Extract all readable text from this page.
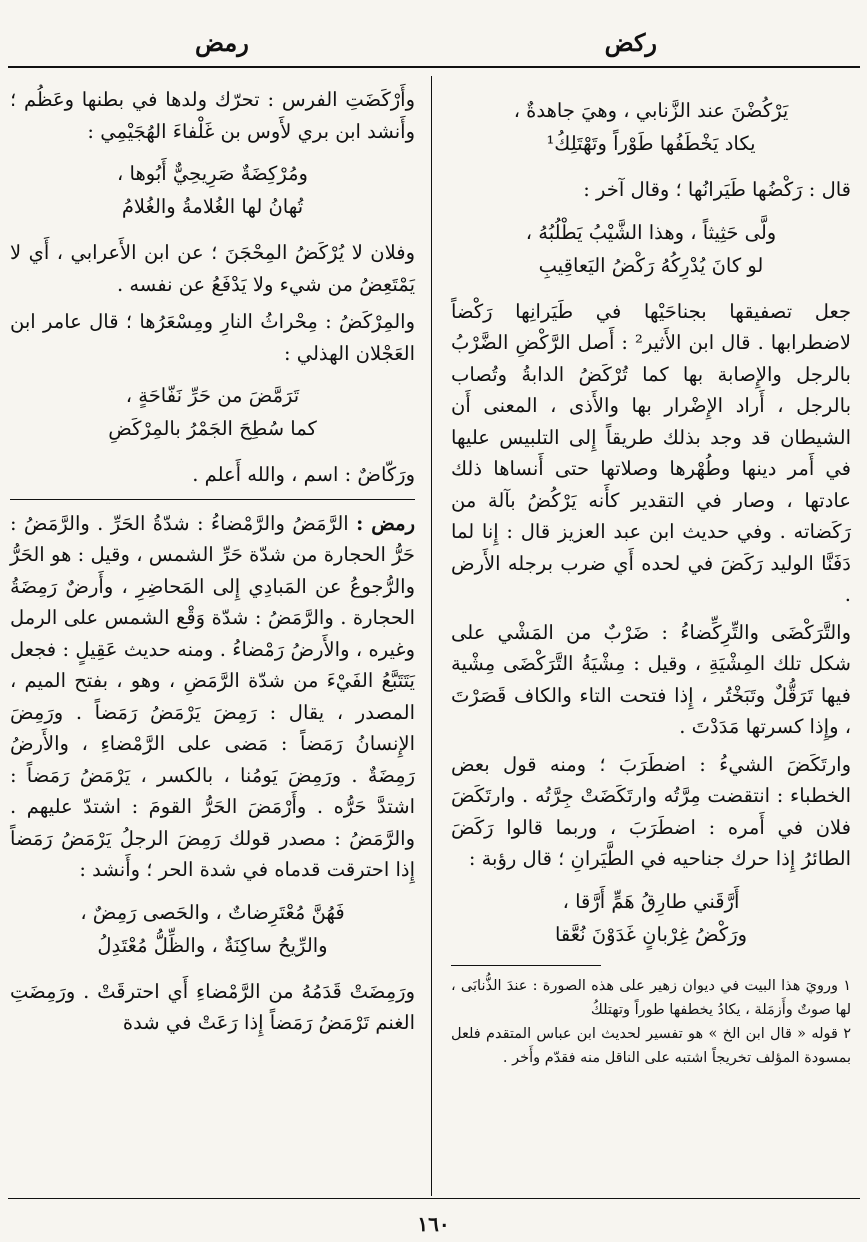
ركض
رمض
يَرْكُضْنَ عند الزَّنابي ، وهيَ جاهدةٌ ،
يكاد يَخْطَفُها طَوْراً وتَهْتَلِكُ¹

قال : رَكْضُها طَيَرانُها ؛ وقال آخر :

ولَّى حَثِيثاً ، وهذا الشَّيْبُ يَطْلُبُهُ ،
لو كانَ يُدْرِكُهُ رَكْضُ اليَعاقِيبِ

جعل تصفيقها بجناحَيْها في طَيَرانِها رَكْضاً لاضطرابها . قال ابن الأَثير² : أَصل الرَّكْضِ الضَّرْبُ بالرجل والإِصابة بها كما تُرْكَضُ الدابةُ وتُصاب بالرجل ، أَراد الإِضْرار بها والأَذى ، المعنى أَن الشيطان قد وجد بذلك طريقاً إِلى التلبيس عليها في أَمر دينها وطُهْرها وصلاتها حتى أَنساها ذلك عادتها ، وصار في التقدير كأَنه يَرْكُضُ بآلة من رَكَضاته . وفي حديث ابن عبد العزيز قال : إِنا لما دَفَنَّا الوليد رَكَضَ في لحده أَي ضرب برجله الأَرض .

والتَّرَكْضَى والتِّرِكِّضاءُ : ضَرْبٌ من المَشْي على شكل تلك المِشْيَةِ ، وقيل : مِشْيَةُ التَّرَكْضَى مِشْية فيها تَرَقُّلٌ وتَبَخْتُر ، إِذا فتحت التاء والكاف قَصَرْتَ ، وإِذا كسرتها مَدَدْتَ .

وارتَكَضَ الشيءُ : اضطَرَبَ ؛ ومنه قول بعض الخطباء : انتقضت مِرَّتُه وارتَكَضَتْ جِرَّتُه . وارتَكَضَ فلان في أَمره : اضطَرَبَ ، وربما قالوا رَكَضَ الطائرُ إِذا حرك جناحيه في الطَّيَرانِ ؛ قال رؤبة :

أَرَّقَني طارِقُ هَمٍّ أَرَّقا ،
ورَكْضُ غِرْبانٍ غَدَوْنَ نُعَّقا

١ ورويَ هذا البيت في ديوان زهير على هذه الصورة : عندَ الذُّنابَى ، لها صوتٌ وأَزمَلة ، يكادُ يخطفها طوراً وتهتلكُ

٢ قوله « قال ابن الخ » هو تفسير لحديث ابن عباس المتقدم فلعل بمسودة المؤلف تخريجاً اشتبه على الناقل منه فقدّم وأَخر .

وأَرْكَضَتِ الفرس : تحرّك ولدها في بطنها وعَظُم ؛ وأَنشد ابن بري لأَوس بن غَلْفاءَ الهُجَيْمِي :

ومُرْكِضَةٌ صَرِيحِيٌّ أَبُوها ،
تُهانُ لها الغُلامةُ والغُلامُ

وفلان لا يُرْكَضُ المِحْجَنَ ؛ عن ابن الأَعرابي ، أَي لا يَمْتَعِضُ من شيء ولا يَدْفَعُ عن نفسه .

والمِرْكَضُ : مِحْراثُ النارِ ومِسْعَرُها ؛ قال عامر ابن العَجْلان الهذلي :

تَرَمَّضَ من حَرِّ نَفّاحَةٍ ،
كما سُطِحَ الجَمْرُ بالمِرْكَضِ

ورَكّاضٌ : اسم ، والله أَعلم .

رمض : الرَّمَضُ والرَّمْضاءُ : شدّةُ الحَرِّ . والرَّمَضُ : حَرُّ الحجارة من شدّة حَرِّ الشمس ، وقيل : هو الحَرُّ والرُّجوعُ عن المَبادِي إِلى المَحاضِرِ ، وأَرضٌ رَمِضَةُ الحجارة . والرَّمَضُ : شدّة وَقْع الشمس على الرمل وغيره ، والأَرضُ رَمْضاءُ . ومنه حديث عَقِيلٍ : فجعل يَتَتَبَّعُ الفَيْءَ من شدّة الرَّمَضِ ، وهو ، بفتح الميم ، المصدر ، يقال : رَمِضَ يَرْمَضُ رَمَضاً . ورَمِضَ الإِنسانُ رَمَضاً : مَضى على الرَّمْضاءِ ، والأَرضُ رَمِضَةٌ . ورَمِضَ يَومُنا ، بالكسر ، يَرْمَضُ رَمَضاً : اشتدَّ حَرُّه . وأَرْمَضَ الحَرُّ القومَ : اشتدّ عليهم . والرَّمَضُ : مصدر قولك رَمِضَ الرجلُ يَرْمَضُ رَمَضاً إِذا احترقت قدماه في شدة الحر ؛ وأَنشد :

فَهُنَّ مُعْتَرِضاتٌ ، والحَصى رَمِضٌ ،
والرِّيحُ ساكِنَةٌ ، والظِّلُّ مُعْتَدِلُ

ورَمِضَتْ قَدَمُهُ من الرَّمْضاءِ أَي احترقَتْ . ورَمِضَتِ الغنم تَرْمَضُ رَمَضاً إِذا رَعَتْ في شدة

١٦٠
